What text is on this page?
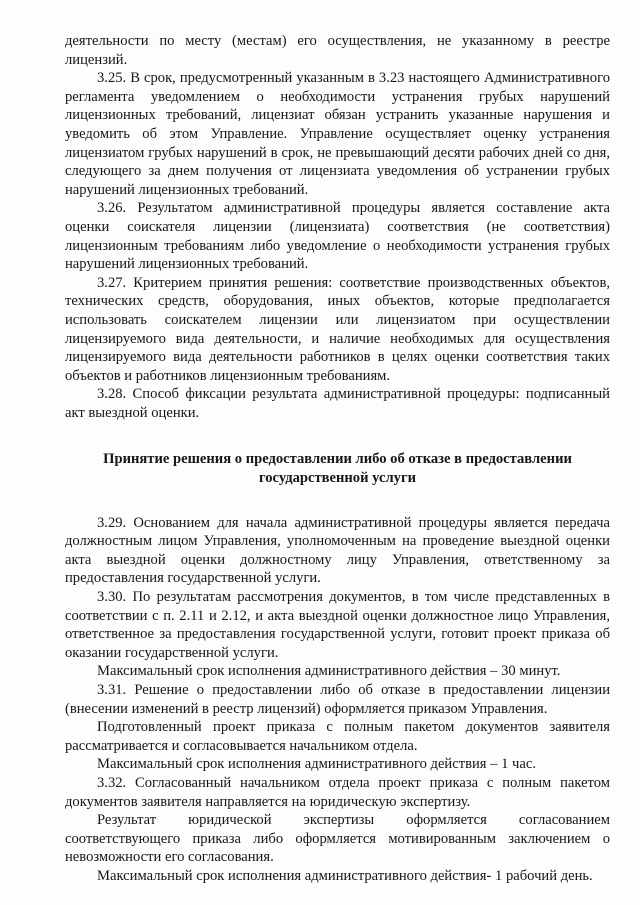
деятельности по месту (местам) его осуществления, не указанному в реестре лицензий.

3.25. В срок, предусмотренный указанным в 3.23 настоящего Административного регламента уведомлением о необходимости устранения грубых нарушений лицензионных требований, лицензиат обязан устранить указанные нарушения и уведомить об этом Управление. Управление осуществляет оценку устранения лицензиатом грубых нарушений в срок, не превышающий десяти рабочих дней со дня, следующего за днем получения от лицензиата уведомления об устранении грубых нарушений лицензионных требований.

3.26. Результатом административной процедуры является составление акта оценки соискателя лицензии (лицензиата) соответствия (не соответствия) лицензионным требованиям либо уведомление о необходимости устранения грубых нарушений лицензионных требований.

3.27. Критерием принятия решения: соответствие производственных объектов, технических средств, оборудования, иных объектов, которые предполагается использовать соискателем лицензии или лицензиатом при осуществлении лицензируемого вида деятельности, и наличие необходимых для осуществления лицензируемого вида деятельности работников в целях оценки соответствия таких объектов и работников лицензионным требованиям.

3.28. Способ фиксации результата административной процедуры: подписанный акт выездной оценки.

Принятие решения о предоставлении либо об отказе в предоставлении государственной услуги

3.29. Основанием для начала административной процедуры является передача должностным лицом Управления, уполномоченным на проведение выездной оценки акта выездной оценки должностному лицу Управления, ответственному за предоставления государственной услуги.

3.30. По результатам рассмотрения документов, в том числе представленных в соответствии с п. 2.11 и 2.12, и акта выездной оценки должностное лицо Управления, ответственное за предоставления государственной услуги, готовит проект приказа об оказании государственной услуги.

Максимальный срок исполнения административного действия – 30 минут.

3.31. Решение о предоставлении либо об отказе в предоставлении лицензии (внесении изменений в реестр лицензий) оформляется приказом Управления.

Подготовленный проект приказа с полным пакетом документов заявителя рассматривается и согласовывается начальником отдела.

Максимальный срок исполнения административного действия – 1 час.

3.32. Согласованный начальником отдела проект приказа с полным пакетом документов заявителя направляется на юридическую экспертизу.

Результат юридической экспертизы оформляется согласованием соответствующего приказа либо оформляется мотивированным заключением о невозможности его согласования.

Максимальный срок исполнения административного действия- 1 рабочий день.
